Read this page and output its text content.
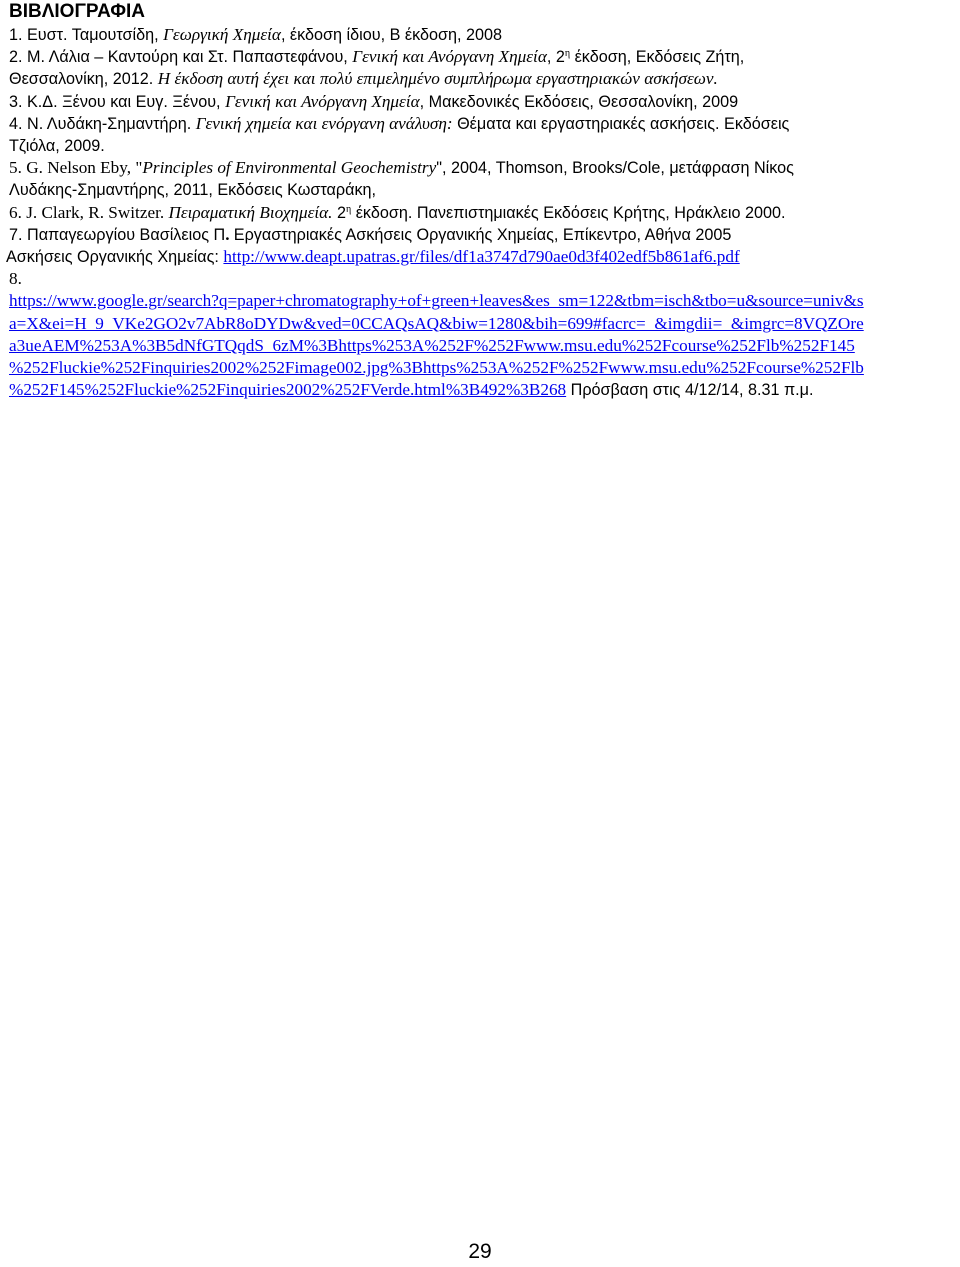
ΒΙΒΛΙΟΓΡΑΦΙΑ

1. Ευστ. Ταμουτσίδη, Γεωργική Χημεία, έκδοση ίδιου, Β έκδοση, 2008

2. Μ. Λάλια – Καντούρη και Στ. Παπαστεφάνου, Γενική και Ανόργανη Χημεία, $2^\eta$ έκδοση, Εκδόσεις Ζήτη,
Θεσσαλονίκη, 2012. Η έκδοση αυτή έχει και πολύ επιμελημένο συμπλήρωμα εργαστηριακών ασκήσεων.

3. Κ.Δ. Ξένου και Ευγ. Ξένου, Γενική και Ανόργανη Χημεία, Μακεδονικές Εκδόσεις, Θεσσαλονίκη, 2009

4. Ν. Λυδάκη-Σημαντήρη. Γενική χημεία και ενόργανη ανάλυση: Θέματα και εργαστηριακές ασκήσεις. Εκδόσεις
Τζιόλα, 2009.

5. G. Nelson Eby, "Principles of Environmental Geochemistry", 2004, Thomson, Brooks/Cole, μετάφραση Νίκος
Λυδάκης-Σημαντήρης, 2011, Εκδόσεις Κωσταράκη,

6. J. Clark, R. Switzer. Πειραματική Βιοχημεία. $2^\eta$ έκδοση. Πανεπιστημιακές Εκδόσεις Κρήτης, Ηράκλειο 2000.

7. Παπαγεωργίου Βασίλειος Π. Εργαστηριακές Ασκήσεις Οργανικής Χημείας, Επίκεντρο, Αθήνα 2005

Ασκήσεις Οργανικής Χημείας: http://www.deapt.upatras.gr/files/df1a3747d790ae0d3f402edf5b861af6.pdf

8.

https://www.google.gr/search?q=paper+chromatography+of+green+leaves&es_sm=122&tbm=isch&tbo=u&source=univ&s
a=X&ei=H_9_VKe2GO2v7AbR8oDYDw&ved=0CCAQsAQ&biw=1280&bih=699#facrc=_&imgdii=_&imgrc=8VQZOre
a3ueAEM%253A%3B5dNfGTQqdS_6zM%3Bhttps%253A%252F%252Fwww.msu.edu%252Fcourse%252Flb%252F145
%252Fluckie%252Finquiries2002%252Fimage002.jpg%3Bhttps%253A%252F%252Fwww.msu.edu%252Fcourse%252Flb

%252F145%252Fluckie%252Finquiries2002%252FVerde.html%3B492%3B268 Πρόσβαση στις 4/12/14, 8.31 π.μ.

29
